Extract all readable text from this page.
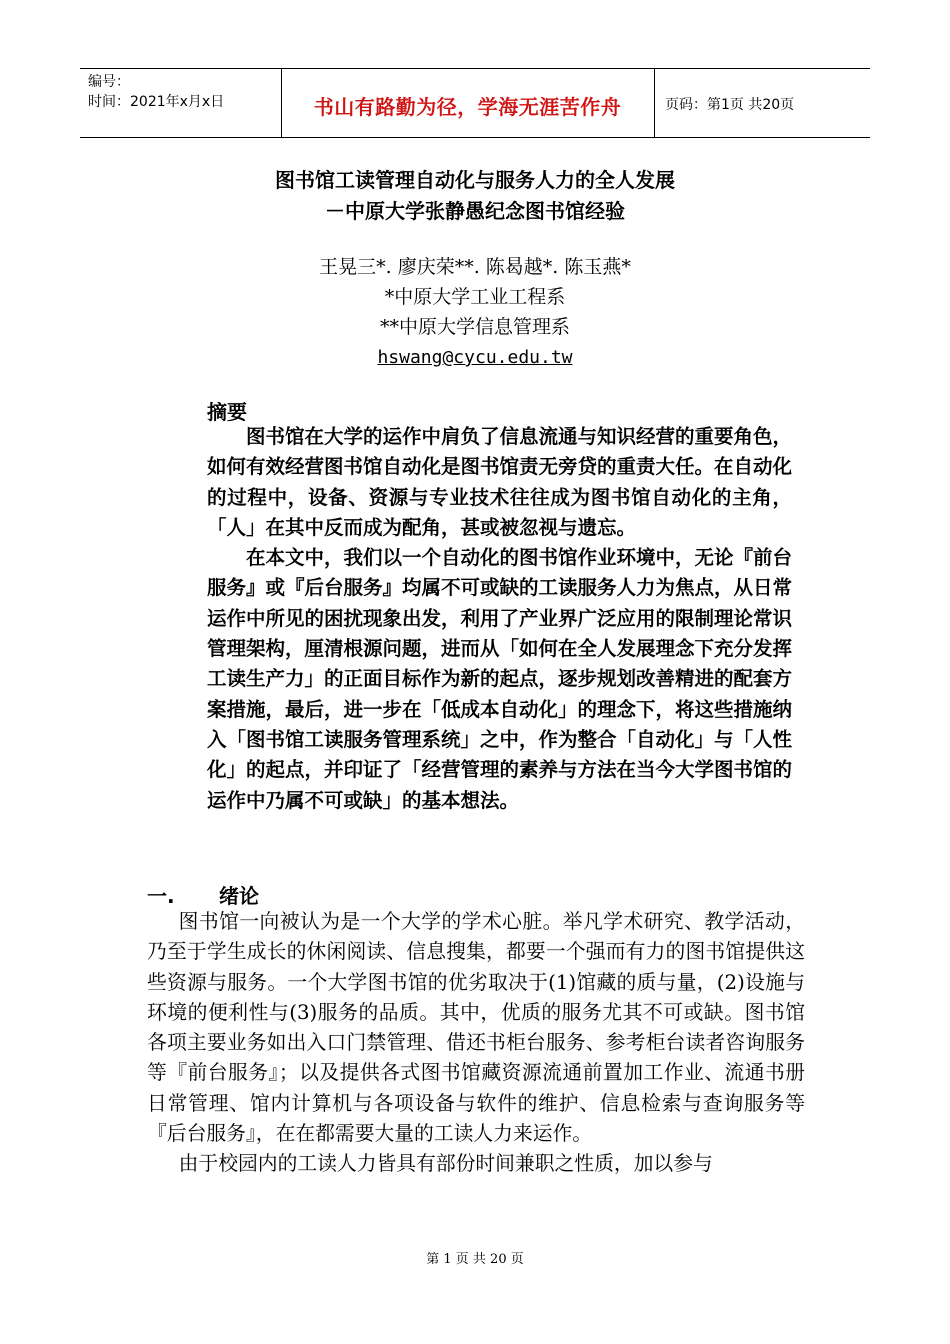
编号：
时间：2021年x月x日	书山有路勤为径，学海无涯苦作舟	页码：第1页 共20页
图书馆工读管理自动化与服务人力的全人发展
－中原大学张静愚纪念图书馆经验
王晃三*. 廖庆荣**. 陈曷越*. 陈玉燕*
*中原大学工业工程系
**中原大学信息管理系
hswang@cycu.edu.tw
摘要

图书馆在大学的运作中肩负了信息流通与知识经营的重要角色，如何有效经营图书馆自动化是图书馆责无旁贷的重责大任。在自动化的过程中，设备、资源与专业技术往往成为图书馆自动化的主角，「人」在其中反而成为配角，甚或被忽视与遗忘。

在本文中，我们以一个自动化的图书馆作业环境中，无论『前台服务』或『后台服务』均属不可或缺的工读服务人力为焦点，从日常运作中所见的困扰现象出发，利用了产业界广泛应用的限制理论常识管理架构，厘清根源问题，进而从「如何在全人发展理念下充分发挥工读生产力」的正面目标作为新的起点，逐步规划改善精进的配套方案措施，最后，进一步在「低成本自动化」的理念下，将这些措施纳入「图书馆工读服务管理系统」之中，作为整合「自动化」与「人性化」的起点，并印证了「经营管理的素养与方法在当今大学图书馆的运作中乃属不可或缺」的基本想法。

一. 绪论

图书馆一向被认为是一个大学的学术心脏。举凡学术研究、教学活动，乃至于学生成长的休闲阅读、信息搜集，都要一个强而有力的图书馆提供这些资源与服务。一个大学图书馆的优劣取决于(1)馆藏的质与量，(2)设施与环境的便利性与(3)服务的品质。其中，优质的服务尤其不可或缺。图书馆各项主要业务如出入口门禁管理、借还书柜台服务、参考柜台读者咨询服务等『前台服务』；以及提供各式图书馆藏资源流通前置加工作业、流通书册日常管理、馆内计算机与各项设备与软件的维护、信息检索与查询服务等『后台服务』，在在都需要大量的工读人力来运作。

由于校园内的工读人力皆具有部份时间兼职之性质，加以参与

第 1 页 共 20 页
